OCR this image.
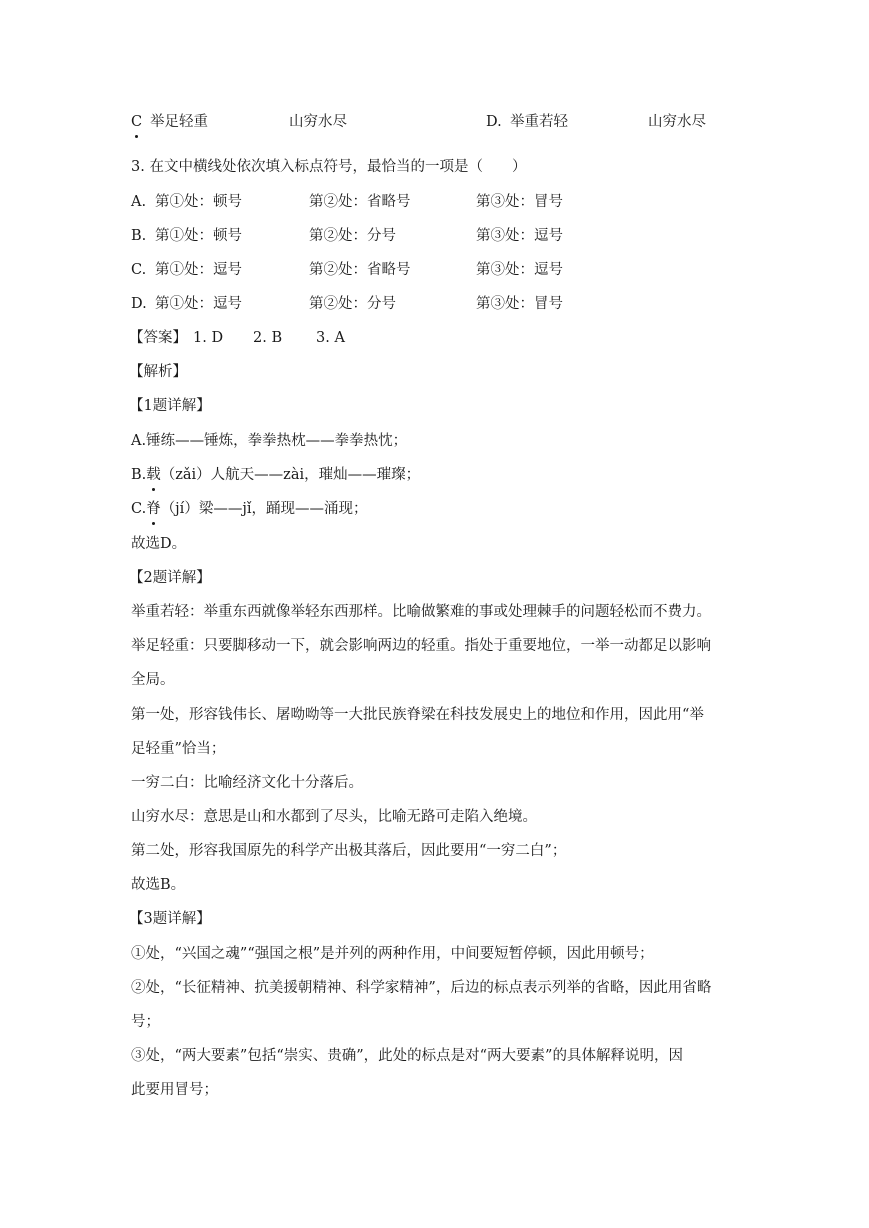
C 举足轻重	山穷水尽	D. 举重若轻	山穷水尽
3. 在文中横线处依次填入标点符号，最恰当的一项是（　　）
A. 第①处：顿号	第②处：省略号	第③处：冒号
B. 第①处：顿号	第②处：分号	第③处：逗号
C. 第①处：逗号	第②处：省略号	第③处：逗号
D. 第①处：逗号	第②处：分号	第③处：冒号
【答案】 1. D 2. B 3. A
【解析】
【1题详解】
A.锤练——锤炼，拳拳热枕——拳拳热忱；
B.载（zǎi）人航天——zài，璀灿——璀璨；
C.脊（jí）梁——jǐ，踊现——涌现；
故选D。
【2题详解】
举重若轻：举重东西就像举轻东西那样。比喻做繁难的事或处理棘手的问题轻松而不费力。
举足轻重：只要脚移动一下，就会影响两边的轻重。指处于重要地位，一举一动都足以影响
全局。
第一处，形容钱伟长、屠呦呦等一大批民族脊梁在科技发展史上的地位和作用，因此用“举
足轻重”恰当；
一穷二白：比喻经济文化十分落后。
山穷水尽：意思是山和水都到了尽头，比喻无路可走陷入绝境。
第二处，形容我国原先的科学产出极其落后，因此要用“一穷二白”；
故选B。
【3题详解】
①处，“兴国之魂”“强国之根”是并列的两种作用，中间要短暂停顿，因此用顿号；
②处，“长征精神、抗美援朝精神、科学家精神”，后边的标点表示列举的省略，因此用省略
号；
③处，“两大要素”包括“崇实、贵确”，此处的标点是对“两大要素”的具体解释说明，因
此要用冒号；
